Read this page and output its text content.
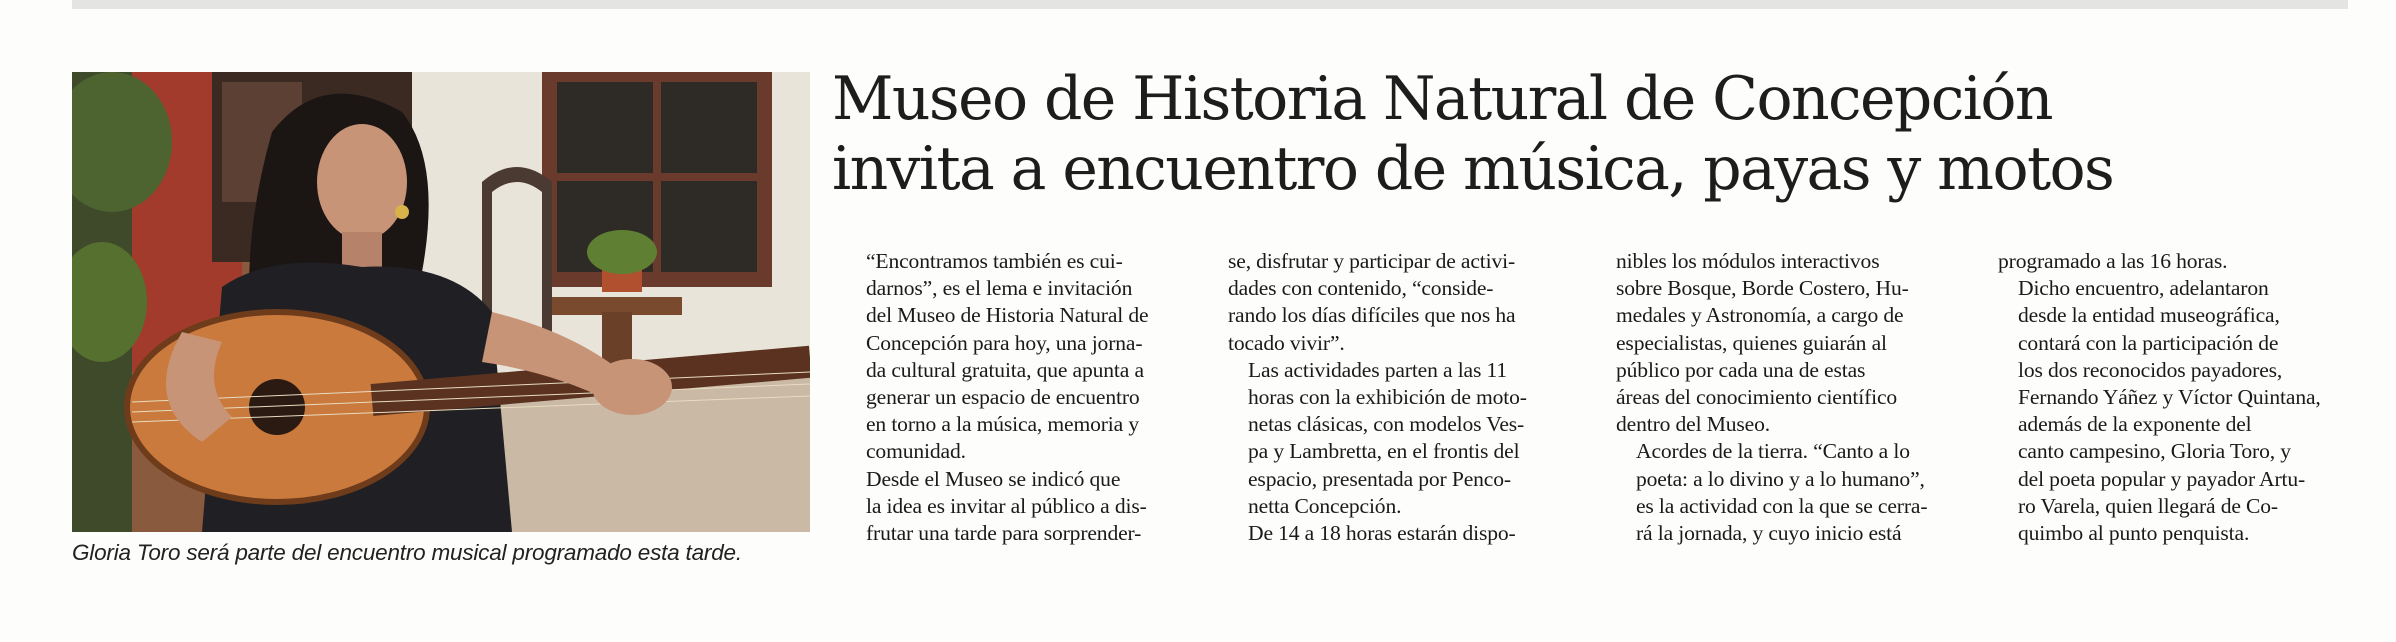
Gloria Toro será parte del encuentro musical programado esta tarde.
Museo de Historia Natural de Concepción
invita a encuentro de música, payas y motos

“Encontramos también es cui-
darnos”, es el lema e invitación
del Museo de Historia Natural de
Concepción para hoy, una jorna-
da cultural gratuita, que apunta a
generar un espacio de encuentro
en torno a la música, memoria y
comunidad.

Desde el Museo se indicó que
la idea es invitar al público a dis-
frutar una tarde para sorprender-

se, disfrutar y participar de activi-
dades con contenido, “conside-
rando los días difíciles que nos ha
tocado vivir”.

Las actividades parten a las 11
horas con la exhibición de moto-
netas clásicas, con modelos Ves-
pa y Lambretta, en el frontis del
espacio, presentada por Penco-
netta Concepción.

De 14 a 18 horas estarán dispo-

nibles los módulos interactivos
sobre Bosque, Borde Costero, Hu-
medales y Astronomía, a cargo de
especialistas, quienes guiarán al
público por cada una de estas
áreas del conocimiento científico
dentro del Museo.

Acordes de la tierra. “Canto a lo
poeta: a lo divino y a lo humano”,
es la actividad con la que se cerra-
rá la jornada, y cuyo inicio está

programado a las 16 horas.

Dicho encuentro, adelantaron
desde la entidad museográfica,
contará con la participación de
los dos reconocidos payadores,
Fernando Yáñez y Víctor Quintana,
además de la exponente del
canto campesino, Gloria Toro, y
del poeta popular y payador Artu-
ro Varela, quien llegará de Co-
quimbo al punto penquista.
